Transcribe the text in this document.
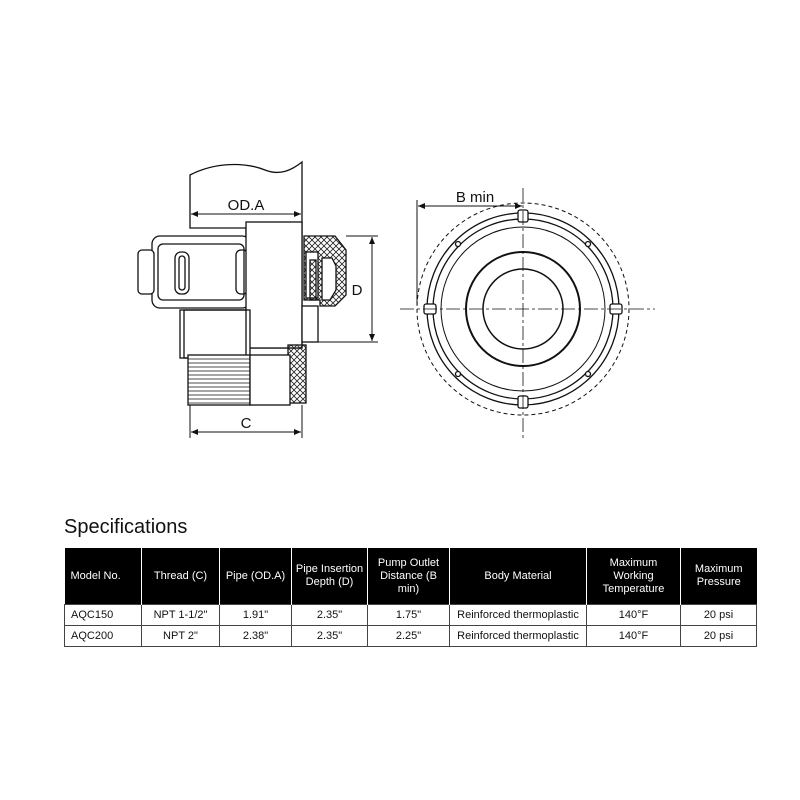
OD.A
D
C
B min
Specifications
Model No.	Thread (C)	Pipe (OD.A)	Pipe Insertion Depth (D)	Pump Outlet Distance (B min)	Body Material	Maximum Working Temperature	Maximum Pressure
AQC150	NPT 1-1/2"	1.91"	2.35"	1.75"	Reinforced thermoplastic	140°F	20 psi
AQC200	NPT 2"	2.38"	2.35"	2.25"	Reinforced thermoplastic	140°F	20 psi
